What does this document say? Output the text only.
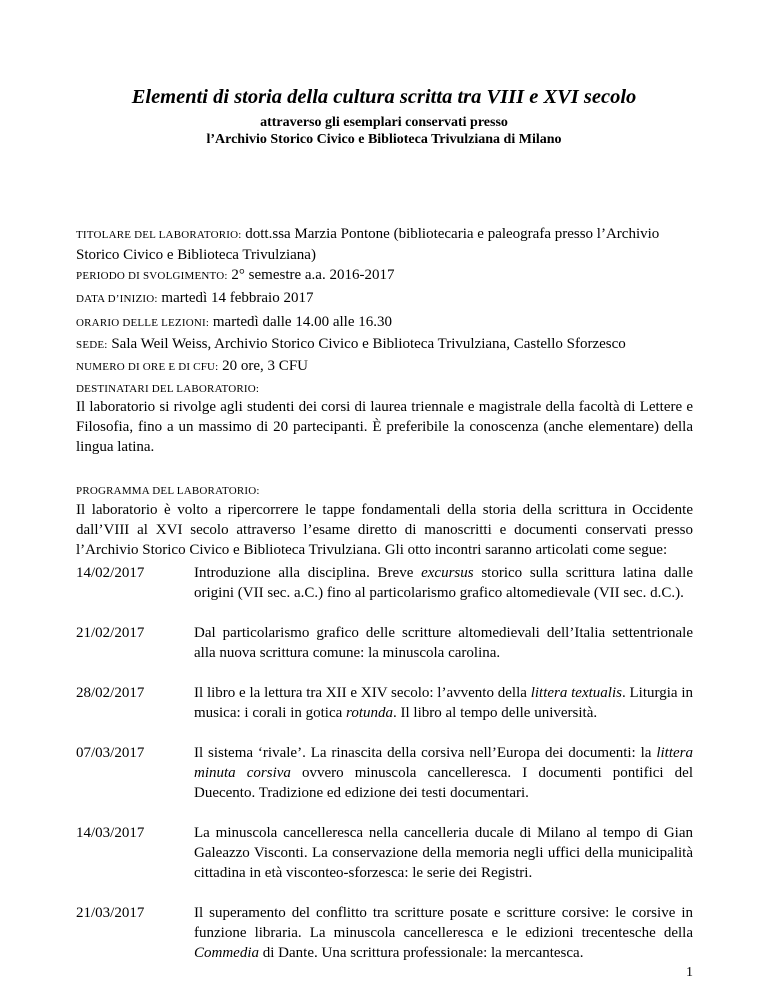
Elementi di storia della cultura scritta tra VIII e XVI secolo
attraverso gli esemplari conservati presso
l’Archivio Storico Civico e Biblioteca Trivulziana di Milano
TITOLARE DEL LABORATORIO: dott.ssa Marzia Pontone (bibliotecaria e paleografa presso l’Archivio
Storico Civico e Biblioteca Trivulziana)
PERIODO DI SVOLGIMENTO: 2° semestre a.a. 2016-2017
DATA D’INIZIO: martedì 14 febbraio 2017
ORARIO DELLE LEZIONI: martedì dalle 14.00 alle 16.30
SEDE: Sala Weil Weiss, Archivio Storico Civico e Biblioteca Trivulziana, Castello Sforzesco
NUMERO DI ORE E DI CFU: 20 ore, 3 CFU
DESTINATARI DEL LABORATORIO:
Il laboratorio si rivolge agli studenti dei corsi di laurea triennale e magistrale della facoltà di Lettere e Filosofia, fino a un massimo di 20 partecipanti. È preferibile la conoscenza (anche elementare) della lingua latina.
PROGRAMMA DEL LABORATORIO:
Il laboratorio è volto a ripercorrere le tappe fondamentali della storia della scrittura in Occidente dall’VIII al XVI secolo attraverso l’esame diretto di manoscritti e documenti conservati presso l’Archivio Storico Civico e Biblioteca Trivulziana. Gli otto incontri saranno articolati come segue:
14/02/2017	Introduzione alla disciplina. Breve excursus storico sulla scrittura latina dalle origini (VII sec. a.C.) fino al particolarismo grafico altomedievale (VII sec. d.C.).
21/02/2017	Dal particolarismo grafico delle scritture altomedievali dell’Italia settentrionale alla nuova scrittura comune: la minuscola carolina.
28/02/2017	Il libro e la lettura tra XII e XIV secolo: l’avvento della littera textualis. Liturgia in musica: i corali in gotica rotunda. Il libro al tempo delle università.
07/03/2017	Il sistema ‘rivale’. La rinascita della corsiva nell’Europa dei documenti: la littera minuta corsiva ovvero minuscola cancelleresca. I documenti pontifici del Duecento. Tradizione ed edizione dei testi documentari.
14/03/2017	La minuscola cancelleresca nella cancelleria ducale di Milano al tempo di Gian Galeazzo Visconti. La conservazione della memoria negli uffici della municipalità cittadina in età visconteo-sforzesca: le serie dei Registri.
21/03/2017	Il superamento del conflitto tra scritture posate e scritture corsive: le corsive in funzione libraria. La minuscola cancelleresca e le edizioni trecentesche della Commedia di Dante. Una scrittura professionale: la mercantesca.
1
